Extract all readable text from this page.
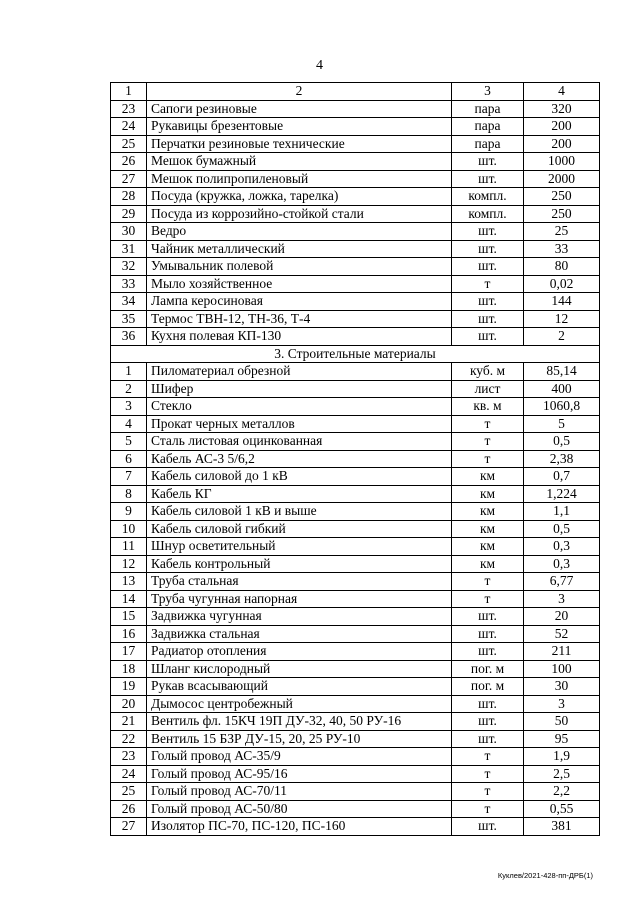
4
1	2	3	4
23	Сапоги резиновые	пара	320
24	Рукавицы брезентовые	пара	200
25	Перчатки резиновые технические	пара	200
26	Мешок бумажный	шт.	1000
27	Мешок полипропиленовый	шт.	2000
28	Посуда (кружка, ложка, тарелка)	компл.	250
29	Посуда из коррозийно-стойкой стали	компл.	250
30	Ведро	шт.	25
31	Чайник металлический	шт.	33
32	Умывальник полевой	шт.	80
33	Мыло хозяйственное	т	0,02
34	Лампа керосиновая	шт.	144
35	Термос ТВН-12, ТН-36, Т-4	шт.	12
36	Кухня полевая КП-130	шт.	2
3. Строительные материалы			
1	Пиломатериал обрезной	куб. м	85,14
2	Шифер	лист	400
3	Стекло	кв. м	1060,8
4	Прокат черных металлов	т	5
5	Сталь листовая оцинкованная	т	0,5
6	Кабель АС-3 5/6,2	т	2,38
7	Кабель силовой до 1 кВ	км	0,7
8	Кабель КГ	км	1,224
9	Кабель силовой 1 кВ и выше	км	1,1
10	Кабель силовой гибкий	км	0,5
11	Шнур осветительный	км	0,3
12	Кабель контрольный	км	0,3
13	Труба стальная	т	6,77
14	Труба чугунная напорная	т	3
15	Задвижка чугунная	шт.	20
16	Задвижка стальная	шт.	52
17	Радиатор отопления	шт.	211
18	Шланг кислородный	пог. м	100
19	Рукав всасывающий	пог. м	30
20	Дымосос центробежный	шт.	3
21	Вентиль фл. 15КЧ 19П ДУ-32, 40, 50 РУ-16	шт.	50
22	Вентиль 15 БЗР ДУ-15, 20, 25 РУ-10	шт.	95
23	Голый провод АС-35/9	т	1,9
24	Голый провод АС-95/16	т	2,5
25	Голый провод АС-70/11	т	2,2
26	Голый провод АС-50/80	т	0,55
27	Изолятор ПС-70, ПС-120, ПС-160	шт.	381
Куклев/2021-428-пп-ДРБ(1)
